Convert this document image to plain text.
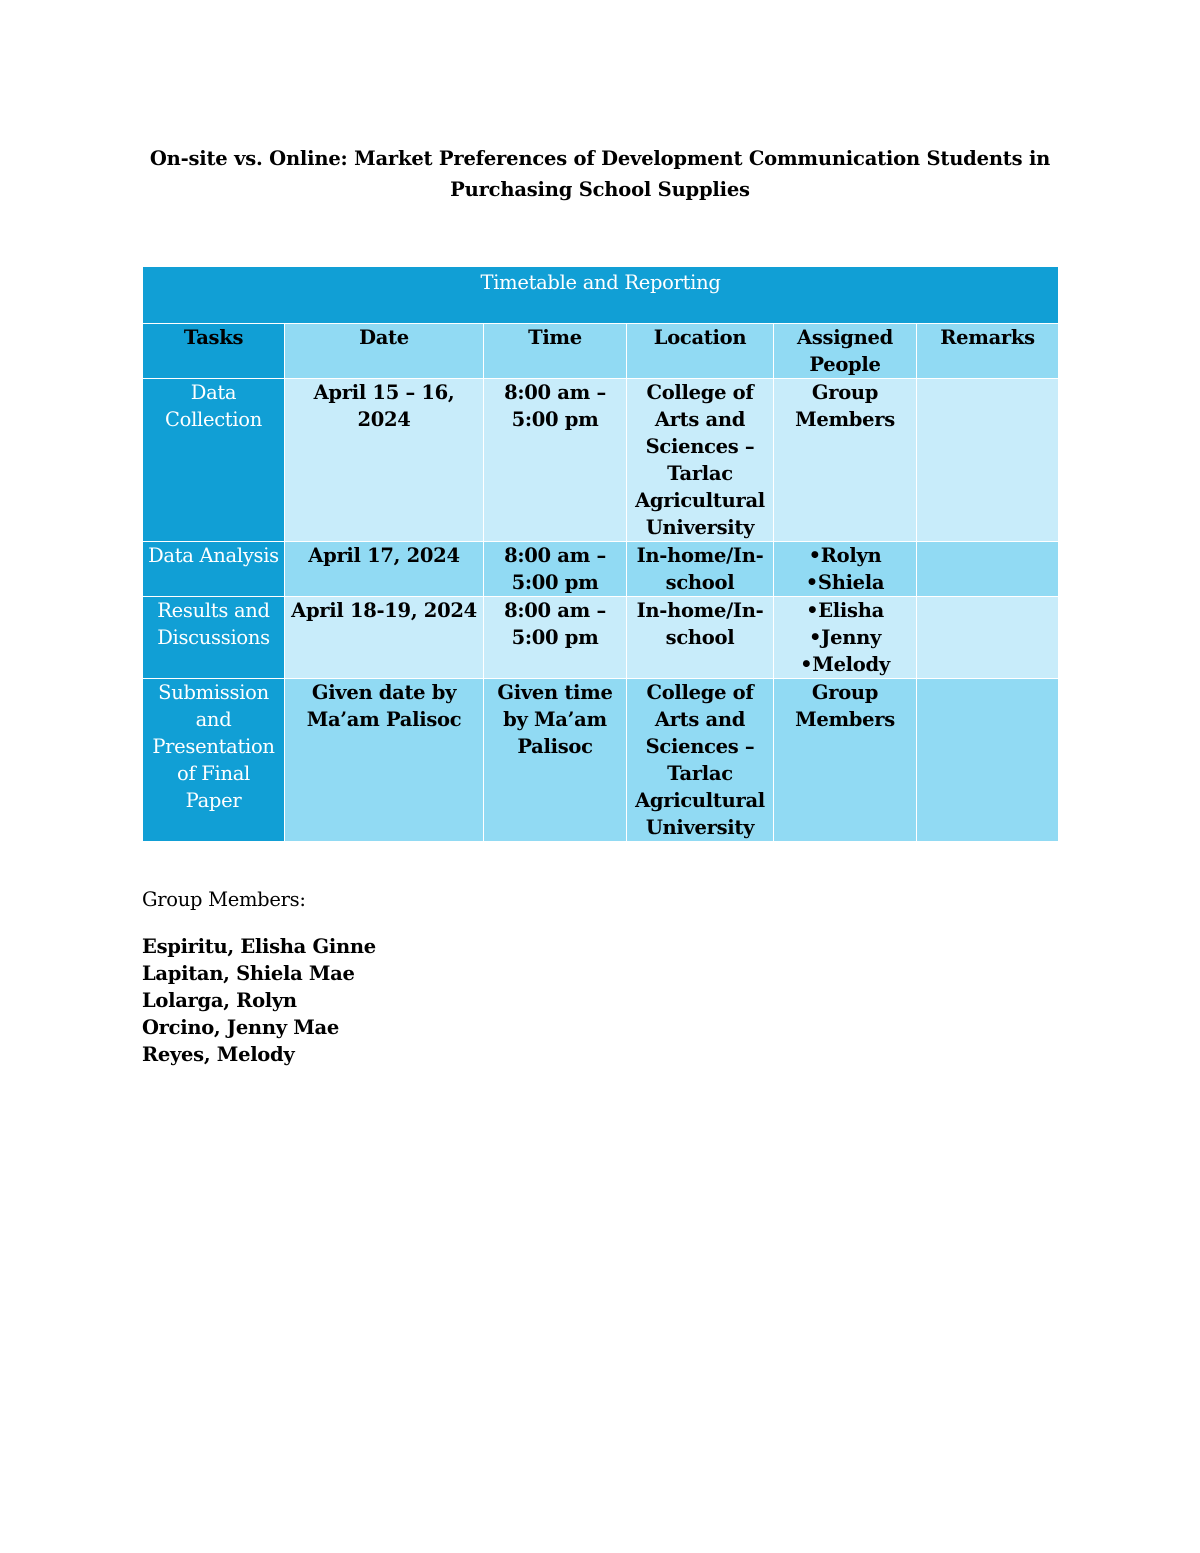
On-site vs. Online: Market Preferences of Development Communication Students in
Purchasing School Supplies
Timetable and Reporting					
Tasks	Date	Time	Location	Assigned People	Remarks
Data Collection	April 15 – 16, 2024	8:00 am – 5:00 pm	College of Arts and Sciences – Tarlac Agricultural University	Group Members	

Data Analysis	April 17, 2024	8:00 am – 5:00 pm	In-home/In-school	•Rolyn
•Shiela	

Results and Discussions	April 18-19, 2024	8:00 am – 5:00 pm	In-home/In-school	•Elisha
•Jenny
•Melody	

Submission and Presentation of Final Paper	Given date by Ma’am Palisoc	Given time by Ma’am Palisoc	College of Arts and Sciences – Tarlac Agricultural University	Group Members	

Group Members:
Espiritu, Elisha Ginne
Lapitan, Shiela Mae
Lolarga, Rolyn
Orcino, Jenny Mae
Reyes, Melody
